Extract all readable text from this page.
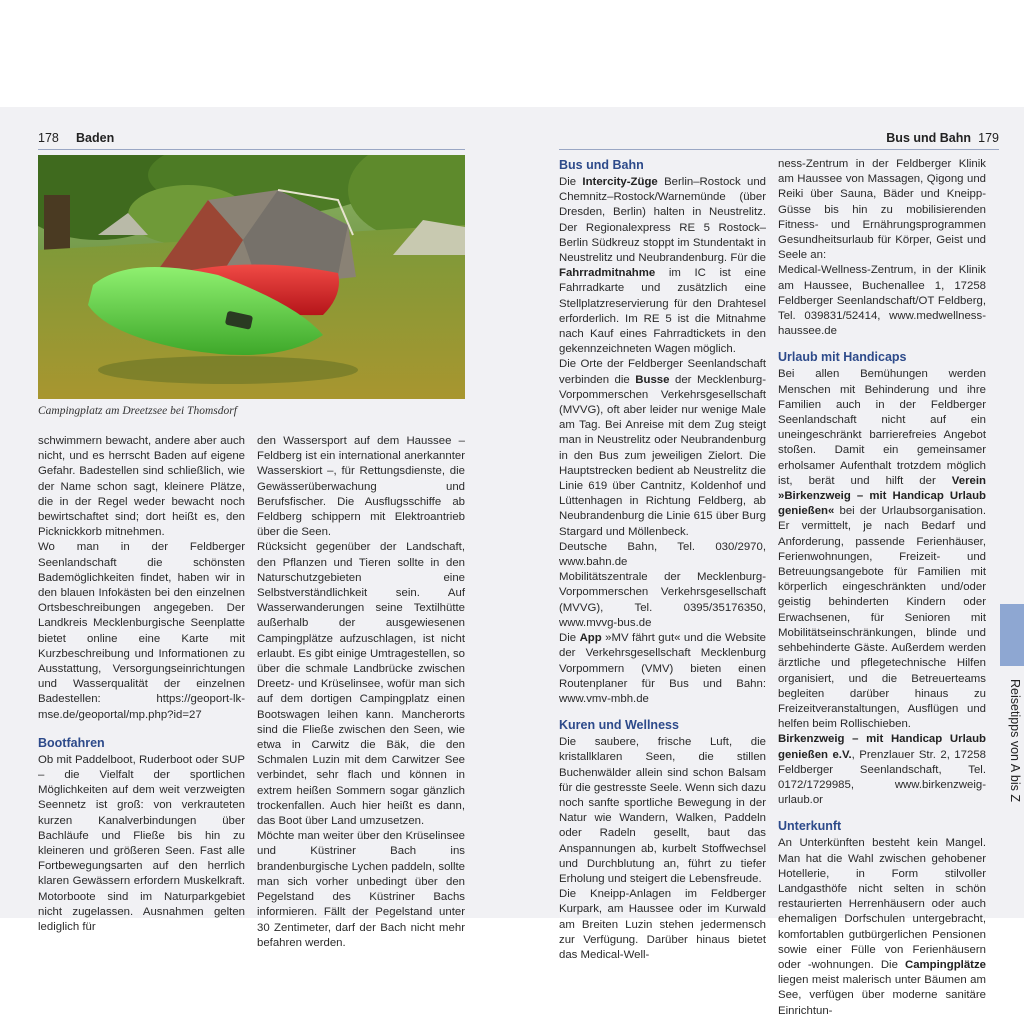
178 Baden
Campingplatz am Dreetzsee bei Thomsdorf

schwimmern bewacht, andere aber auch nicht, und es herrscht Baden auf eigene Gefahr. Badestellen sind schließlich, wie der Name schon sagt, kleinere Plätze, die in der Regel weder bewacht noch bewirtschaftet sind; dort heißt es, den Picknickkorb mitnehmen.

Wo man in der Feldberger Seenlandschaft die schönsten Bademöglichkeiten findet, haben wir in den blauen Infokästen bei den einzelnen Ortsbeschreibungen angegeben. Der Landkreis Mecklenburgische Seenplatte bietet online eine Karte mit Kurzbeschreibung und Informationen zu Ausstattung, Versorgungseinrichtungen und Wasserqualität der einzelnen Badestellen: https://geoport-lk-mse.de/geoportal/mp.php?id=27

Bootfahren

Ob mit Paddelboot, Ruderboot oder SUP – die Vielfalt der sportlichen Möglichkeiten auf dem weit verzweigten Seennetz ist groß: von verkrauteten kurzen Kanalverbindungen über Bachläufe und Fließe bis hin zu kleineren und größeren Seen. Fast alle Fortbewegungsarten auf den herrlich klaren Gewässern erfordern Muskelkraft. Motorboote sind im Naturparkgebiet nicht zugelassen. Ausnahmen gelten lediglich für

den Wassersport auf dem Haussee – Feldberg ist ein international anerkannter Wasserskiort –, für Rettungsdienste, die Gewässerüberwachung und Berufsfischer. Die Ausflugsschiffe ab Feldberg schippern mit Elektroantrieb über die Seen.

Rücksicht gegenüber der Landschaft, den Pflanzen und Tieren sollte in den Naturschutzgebieten eine Selbstverständlichkeit sein. Auf Wasserwanderungen seine Textilhütte außerhalb der ausgewiesenen Campingplätze aufzuschlagen, ist nicht erlaubt. Es gibt einige Umtragestellen, so über die schmale Landbrücke zwischen Dreetz- und Krüselinsee, wofür man sich auf dem dortigen Campingplatz einen Bootswagen leihen kann. Mancherorts sind die Fließe zwischen den Seen, wie etwa in Carwitz die Bäk, die den Schmalen Luzin mit dem Carwitzer See verbindet, sehr flach und können in extrem heißen Sommern sogar gänzlich trockenfallen. Auch hier heißt es dann, das Boot über Land umzusetzen.

Möchte man weiter über den Krüselinsee und Küstriner Bach ins brandenburgische Lychen paddeln, sollte man sich vorher unbedingt über den Pegelstand des Küstriner Bachs informieren. Fällt der Pegelstand unter 30 Zentimeter, darf der Bach nicht mehr befahren werden.

Bus und Bahn 179
Bus und Bahn

Die Intercity-Züge Berlin–Rostock und Chemnitz–Rostock/Warnemünde (über Dresden, Berlin) halten in Neustrelitz. Der Regionalexpress RE 5 Rostock–Berlin Südkreuz stoppt im Stundentakt in Neustrelitz und Neubrandenburg. Für die Fahrradmitnahme im IC ist eine Fahrradkarte und zusätzlich eine Stellplatzreservierung für den Drahtesel erforderlich. Im RE 5 ist die Mitnahme nach Kauf eines Fahrradtickets in den gekennzeichneten Wagen möglich.

Die Orte der Feldberger Seenlandschaft verbinden die Busse der Mecklenburg-Vorpommerschen Verkehrsgesellschaft (MVVG), oft aber leider nur wenige Male am Tag. Bei Anreise mit dem Zug steigt man in Neustrelitz oder Neubrandenburg in den Bus zum jeweiligen Zielort. Die Hauptstrecken bedient ab Neustrelitz die Linie 619 über Cantnitz, Koldenhof und Lüttenhagen in Richtung Feldberg, ab Neubrandenburg die Linie 615 über Burg Stargard und Möllenbeck.

Deutsche Bahn, Tel. 030/2970, www.bahn.de

Mobilitätszentrale der Mecklenburg-Vorpommerschen Verkehrsgesellschaft (MVVG), Tel. 0395/35176350, www.mvvg-bus.de

Die App »MV fährt gut« und die Website der Verkehrsgesellschaft Mecklenburg Vorpommern (VMV) bieten einen Routenplaner für Bus und Bahn: www.vmv-mbh.de

Kuren und Wellness

Die saubere, frische Luft, die kristallklaren Seen, die stillen Buchenwälder allein sind schon Balsam für die gestresste Seele. Wenn sich dazu noch sanfte sportliche Bewegung in der Natur wie Wandern, Walken, Paddeln oder Radeln gesellt, baut das Anspannungen ab, kurbelt Stoffwechsel und Durchblutung an, führt zu tiefer Erholung und steigert die Lebensfreude.

Die Kneipp-Anlagen im Feldberger Kurpark, am Haussee oder im Kurwald am Breiten Luzin stehen jedermensch zur Verfügung. Darüber hinaus bietet das Medical-Well-

ness-Zentrum in der Feldberger Klinik am Haussee von Massagen, Qigong und Reiki über Sauna, Bäder und Kneipp-Güsse bis hin zu mobilisierenden Fitness- und Ernährungsprogrammen Gesundheitsurlaub für Körper, Geist und Seele an:

Medical-Wellness-Zentrum, in der Klinik am Haussee, Buchenallee 1, 17258 Feldberger Seenlandschaft/OT Feldberg, Tel. 039831/52414, www.medwellness-haussee.de

Urlaub mit Handicaps

Bei allen Bemühungen werden Menschen mit Behinderung und ihre Familien auch in der Feldberger Seenlandschaft nicht auf ein uneingeschränkt barrierefreies Angebot stoßen. Damit ein gemeinsamer erholsamer Aufenthalt trotzdem möglich ist, berät und hilft der Verein »Birkenzweig – mit Handicap Urlaub genießen« bei der Urlaubsorganisation. Er vermittelt, je nach Bedarf und Anforderung, passende Ferienhäuser, Ferienwohnungen, Freizeit- und Betreuungsangebote für Familien mit körperlich eingeschränkten und/oder geistig behinderten Kindern oder Erwachsenen, für Senioren mit Mobilitätseinschränkungen, blinde und sehbehinderte Gäste. Außerdem werden ärztliche und pflegetechnische Hilfen organisiert, und die Betreuerteams begleiten darüber hinaus zu Freizeitveranstaltungen, Ausflügen und helfen beim Rollischieben.

Birkenzweig – mit Handicap Urlaub genießen e.V., Prenzlauer Str. 2, 17258 Feldberger Seenlandschaft, Tel. 0172/1729985, www.birkenzweig-urlaub.or

Unterkunft

An Unterkünften besteht kein Mangel. Man hat die Wahl zwischen gehobener Hotellerie, in Form stilvoller Landgasthöfe nicht selten in schön restaurierten Herrenhäusern oder auch ehemaligen Dorfschulen untergebracht, komfortablen gutbürgerlichen Pensionen sowie einer Fülle von Ferienhäusern oder -wohnungen. Die Campingplätze liegen meist malerisch unter Bäumen am See, verfügen über moderne sanitäre Einrichtun-

Reisetipps von A bis Z
